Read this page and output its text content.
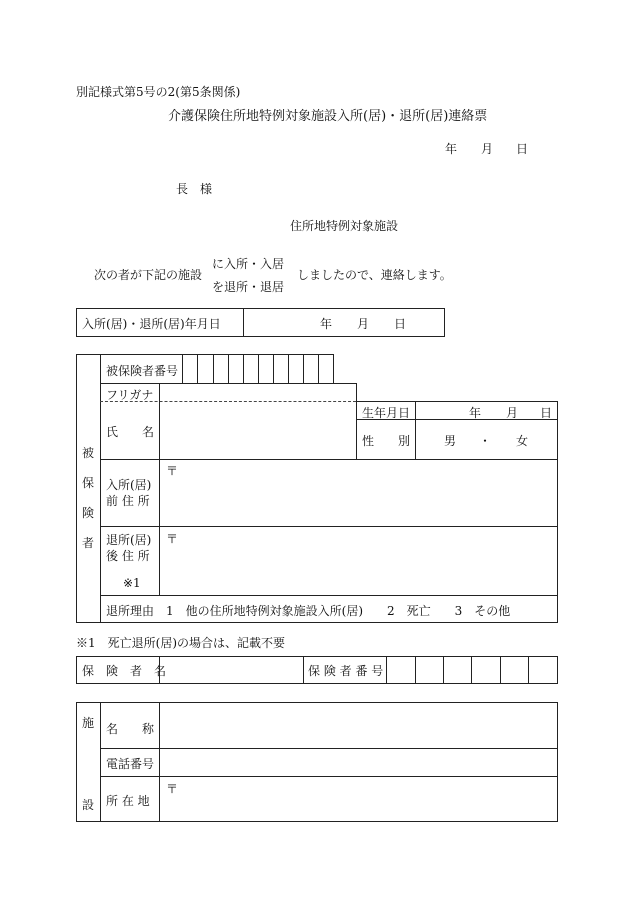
別記様式第5号の2(第5条関係)
介護保険住所地特例対象施設入所(居)・退所(居)連絡票
年 月 日
長　様
住所地特例対象施設
次の者が下記の施設
に入所・入居
を退所・退居
しましたので、連絡します。
入所(居)・退所(居)年月日	年 月 日
被
保
険
者
被保険者番号
フリガナ
生年月日	年 月 日
性　　別	男 ・ 女
氏　　名
入所(居)
前 住 所
〒
退所(居)
後 住 所
※1
〒
退所理由 1　他の住所地特例対象施設入所(居)　　2　死亡　　3　その他
※1　死亡退所(居)の場合は、記載不要
保　険　者　名	保 険 者 番 号
施
設
名　　称
電話番号
所 在 地
〒
